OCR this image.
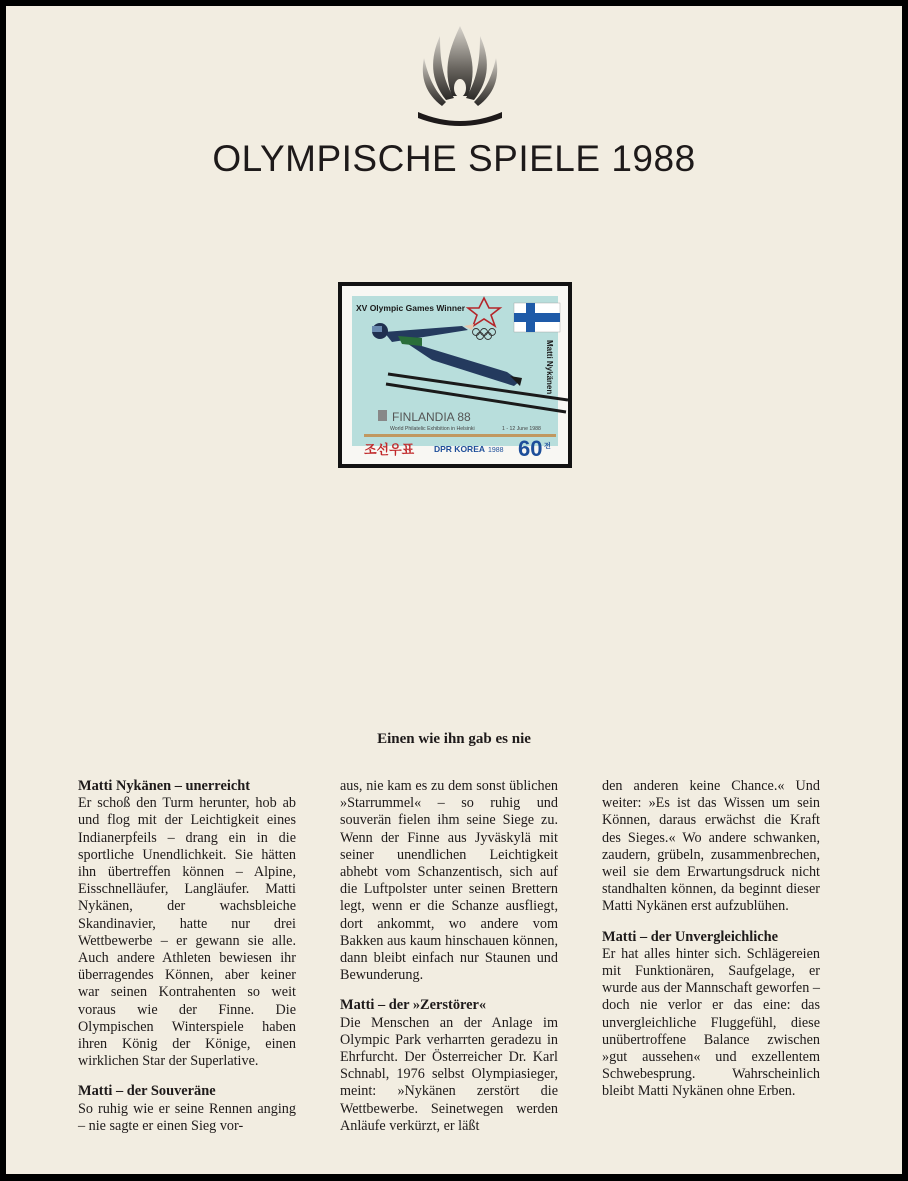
OLYMPISCHE SPIELE 1988
XV Olympic Games Winner
Matti Nykänen
FINLANDIA 88
World Philatelic Exhibition in Helsinki	1 - 12 June 1988
조선우표 DPR KOREA 1988 60 전
Einen wie ihn gab es nie
Matti Nykänen – unerreicht

Er schoß den Turm herunter, hob ab und flog mit der Leichtigkeit eines Indianerpfeils – drang ein in die sportliche Unendlichkeit. Sie hätten ihn übertreffen können – Alpine, Eisschnelläufer, Langläufer. Matti Nykänen, der wachsbleiche Skandinavier, hatte nur drei Wettbewerbe – er gewann sie alle. Auch andere Athleten bewiesen ihr überragendes Können, aber keiner war seinen Kontrahenten so weit voraus wie der Finne. Die Olympischen Winterspiele haben ihren König der Könige, einen wirklichen Star der Superlative.

Matti – der Souveräne

So ruhig wie er seine Rennen anging – nie sagte er einen Sieg vor-

aus, nie kam es zu dem sonst üblichen »Starrummel« – so ruhig und souverän fielen ihm seine Siege zu. Wenn der Finne aus Jyväskylä mit seiner unendlichen Leichtigkeit abhebt vom Schanzentisch, sich auf die Luftpolster unter seinen Brettern legt, wenn er die Schanze ausfliegt, dort ankommt, wo andere vom Bakken aus kaum hinschauen können, dann bleibt einfach nur Staunen und Bewunderung.

Matti – der »Zerstörer«

Die Menschen an der Anlage im Olympic Park verharrten geradezu in Ehrfurcht. Der Österreicher Dr. Karl Schnabl, 1976 selbst Olympiasieger, meint: »Nykänen zerstört die Wettbewerbe. Seinetwegen werden Anläufe verkürzt, er läßt

den anderen keine Chance.« Und weiter: »Es ist das Wissen um sein Können, daraus erwächst die Kraft des Sieges.« Wo andere schwanken, zaudern, grübeln, zusammenbrechen, weil sie dem Erwartungsdruck nicht standhalten können, da beginnt dieser Matti Nykänen erst aufzublühen.

Matti – der Unvergleichliche

Er hat alles hinter sich. Schlägereien mit Funktionären, Saufgelage, er wurde aus der Mannschaft geworfen – doch nie verlor er das eine: das unvergleichliche Fluggefühl, diese unübertroffene Balance zwischen »gut aussehen« und exzellentem Schwebesprung. Wahrscheinlich bleibt Matti Nykänen ohne Erben.
